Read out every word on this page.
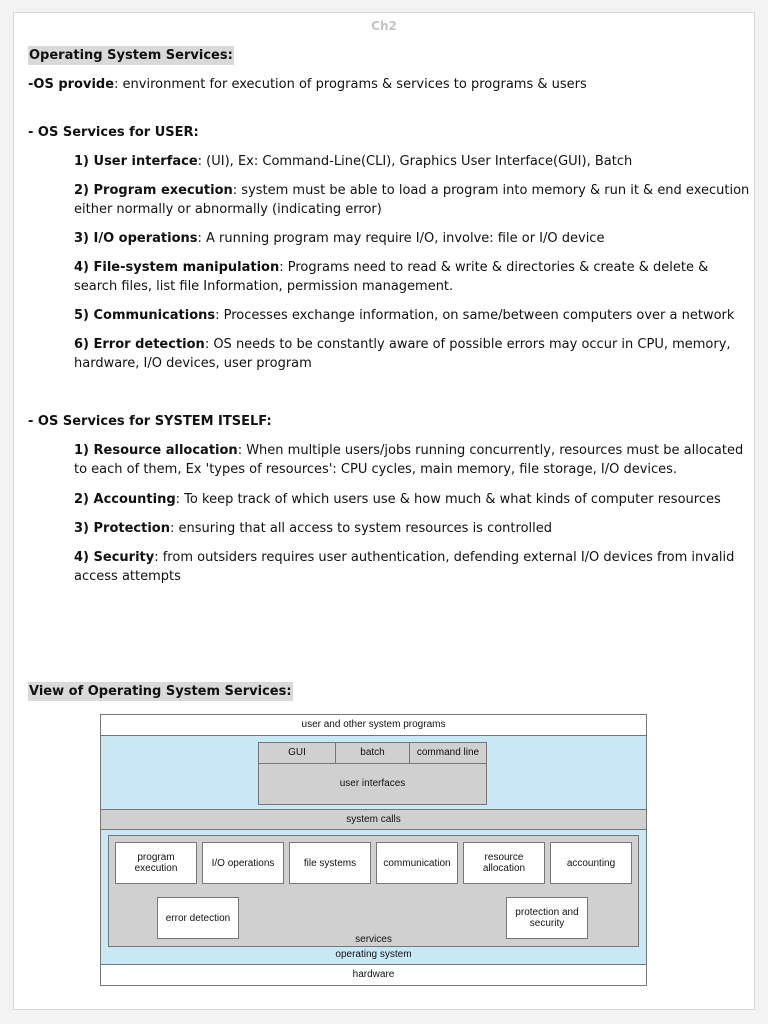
Ch2
Operating System Services:
-OS provide: environment for execution of programs & services to programs & users
- OS Services for USER:
1) User interface: (UI), Ex: Command-Line(CLI), Graphics User Interface(GUI), Batch
2) Program execution: system must be able to load a program into memory & run it & end execution either normally or abnormally (indicating error)
3) I/O operations: A running program may require I/O, involve: file or I/O device
4) File-system manipulation: Programs need to read & write & directories & create & delete & search files, list file Information, permission management.
5) Communications: Processes exchange information, on same/between computers over a network
6) Error detection: OS needs to be constantly aware of possible errors may occur in CPU, memory, hardware, I/O devices, user program
- OS Services for SYSTEM ITSELF:
1) Resource allocation: When multiple users/jobs running concurrently, resources must be allocated to each of them, Ex 'types of resources': CPU cycles, main memory, file storage, I/O devices.
2) Accounting: To keep track of which users use & how much & what kinds of computer resources
3) Protection: ensuring that all access to system resources is controlled
4) Security: from outsiders requires user authentication, defending external I/O devices from invalid access attempts
View of Operating System Services:
user and other system programs
GUI	batch	command line
user interfaces
system calls
program execution	I/O operations	file systems	communication	resource allocation	accounting
error detection	protection and security
services
operating system
hardware
